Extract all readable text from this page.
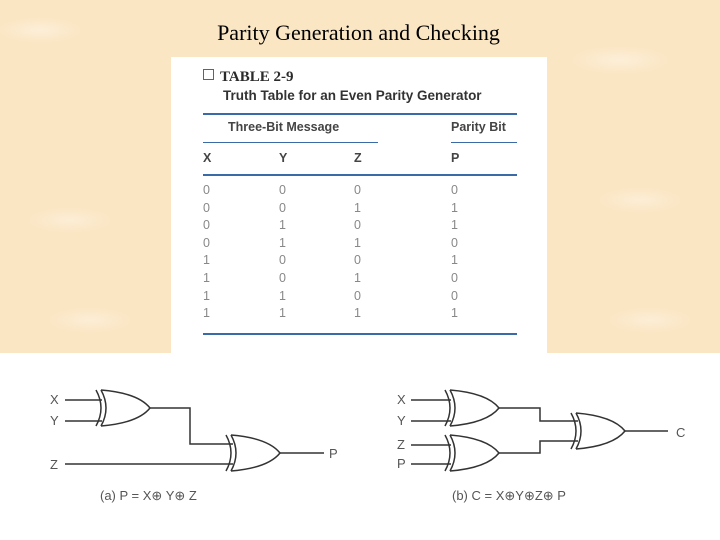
Parity Generation and Checking
TABLE 2-9
Truth Table for an Even Parity Generator
Three-Bit Message	Parity Bit
X	Y	Z	P
0	0	0	0
0	0	1	1
0	1	0	1
0	1	1	0
1	0	0	1
1	0	1	0
1	1	0	0
1	1	1	1
X
Y
Z
P
(a) P = X⊕ Y⊕ Z
X
Y
Z
P
C
(b) C = X⊕Y⊕Z⊕ P
